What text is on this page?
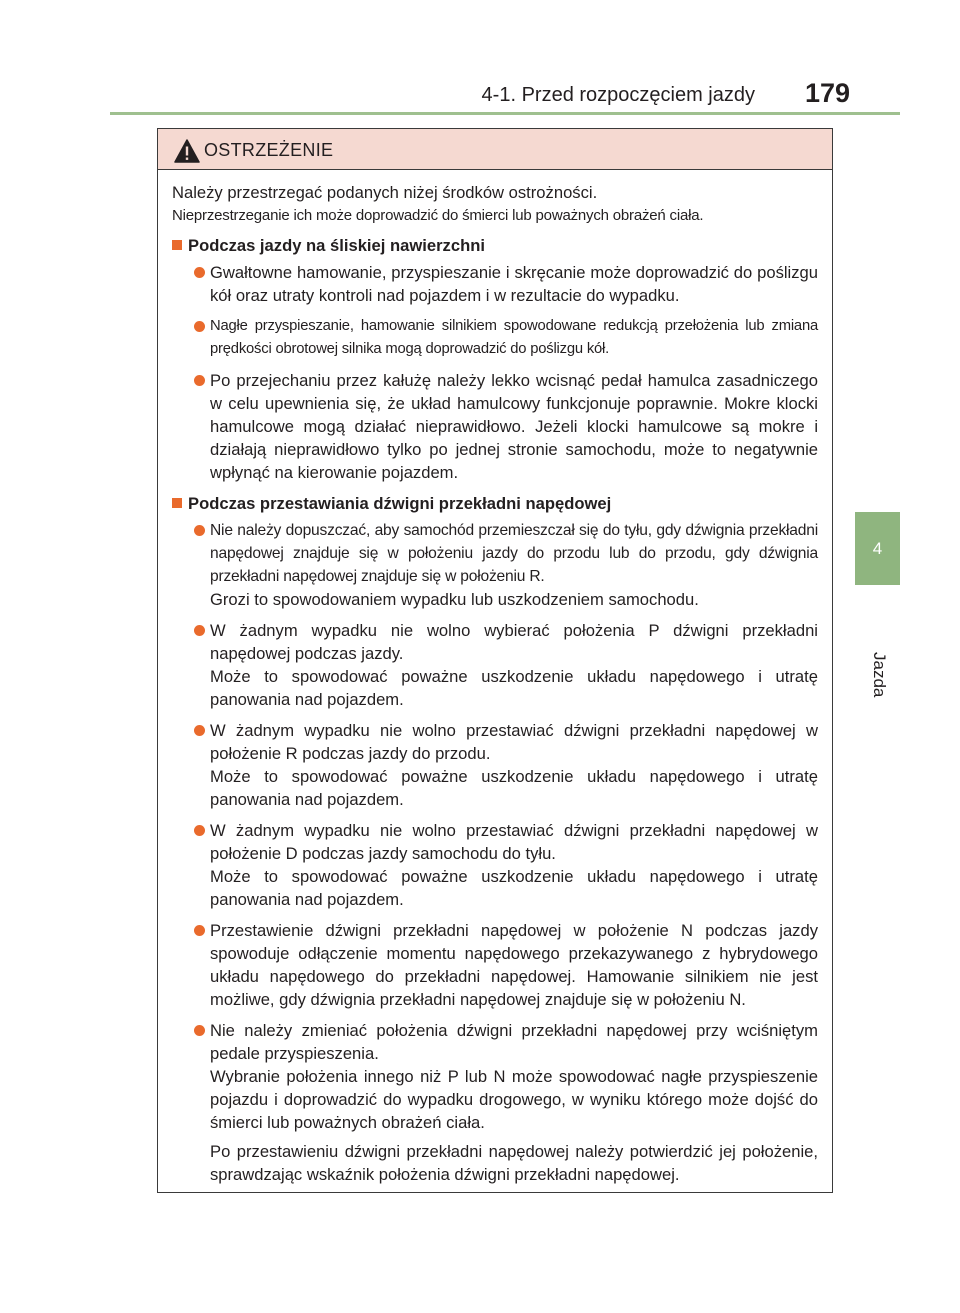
4-1. Przed rozpoczęciem jazdy 179
4
Jazda
OSTRZEŻENIE

Należy przestrzegać podanych niżej środków ostrożności.

Nieprzestrzeganie ich może doprowadzić do śmierci lub poważnych obrażeń ciała.

Podczas jazdy na śliskiej nawierzchni

Gwałtowne hamowanie, przyspieszanie i skręcanie może doprowadzić do poślizgu kół oraz utraty kontroli nad pojazdem i w rezultacie do wypadku.

Nagłe przyspieszanie, hamowanie silnikiem spowodowane redukcją przełożenia lub zmiana prędkości obrotowej silnika mogą doprowadzić do poślizgu kół.

Po przejechaniu przez kałużę należy lekko wcisnąć pedał hamulca zasadniczego w celu upewnienia się, że układ hamulcowy funkcjonuje poprawnie. Mokre klocki hamulcowe mogą działać nieprawidłowo. Jeżeli klocki hamulcowe są mokre i działają nieprawidłowo tylko po jednej stronie samochodu, może to negatywnie wpłynąć na kierowanie pojazdem.

Podczas przestawiania dźwigni przekładni napędowej

Nie należy dopuszczać, aby samochód przemieszczał się do tyłu, gdy dźwignia przekładni napędowej znajduje się w położeniu jazdy do przodu lub do przodu, gdy dźwignia przekładni napędowej znajduje się w położeniu R.

Grozi to spowodowaniem wypadku lub uszkodzeniem samochodu.

W żadnym wypadku nie wolno wybierać położenia P dźwigni przekładni napędowej podczas jazdy.

Może to spowodować poważne uszkodzenie układu napędowego i utratę panowania nad pojazdem.

W żadnym wypadku nie wolno przestawiać dźwigni przekładni napędowej w położenie R podczas jazdy do przodu.

Może to spowodować poważne uszkodzenie układu napędowego i utratę panowania nad pojazdem.

W żadnym wypadku nie wolno przestawiać dźwigni przekładni napędowej w położenie D podczas jazdy samochodu do tyłu.

Może to spowodować poważne uszkodzenie układu napędowego i utratę panowania nad pojazdem.

Przestawienie dźwigni przekładni napędowej w położenie N podczas jazdy spowoduje odłączenie momentu napędowego przekazywanego z hybrydowego układu napędowego do przekładni napędowej. Hamowanie silnikiem nie jest możliwe, gdy dźwignia przekładni napędowej znajduje się w położeniu N.

Nie należy zmieniać położenia dźwigni przekładni napędowej przy wciśniętym pedale przyspieszenia.

Wybranie położenia innego niż P lub N może spowodować nagłe przyspieszenie pojazdu i doprowadzić do wypadku drogowego, w wyniku którego może dojść do śmierci lub poważnych obrażeń ciała.

Po przestawieniu dźwigni przekładni napędowej należy potwierdzić jej położenie, sprawdzając wskaźnik położenia dźwigni przekładni napędowej.
